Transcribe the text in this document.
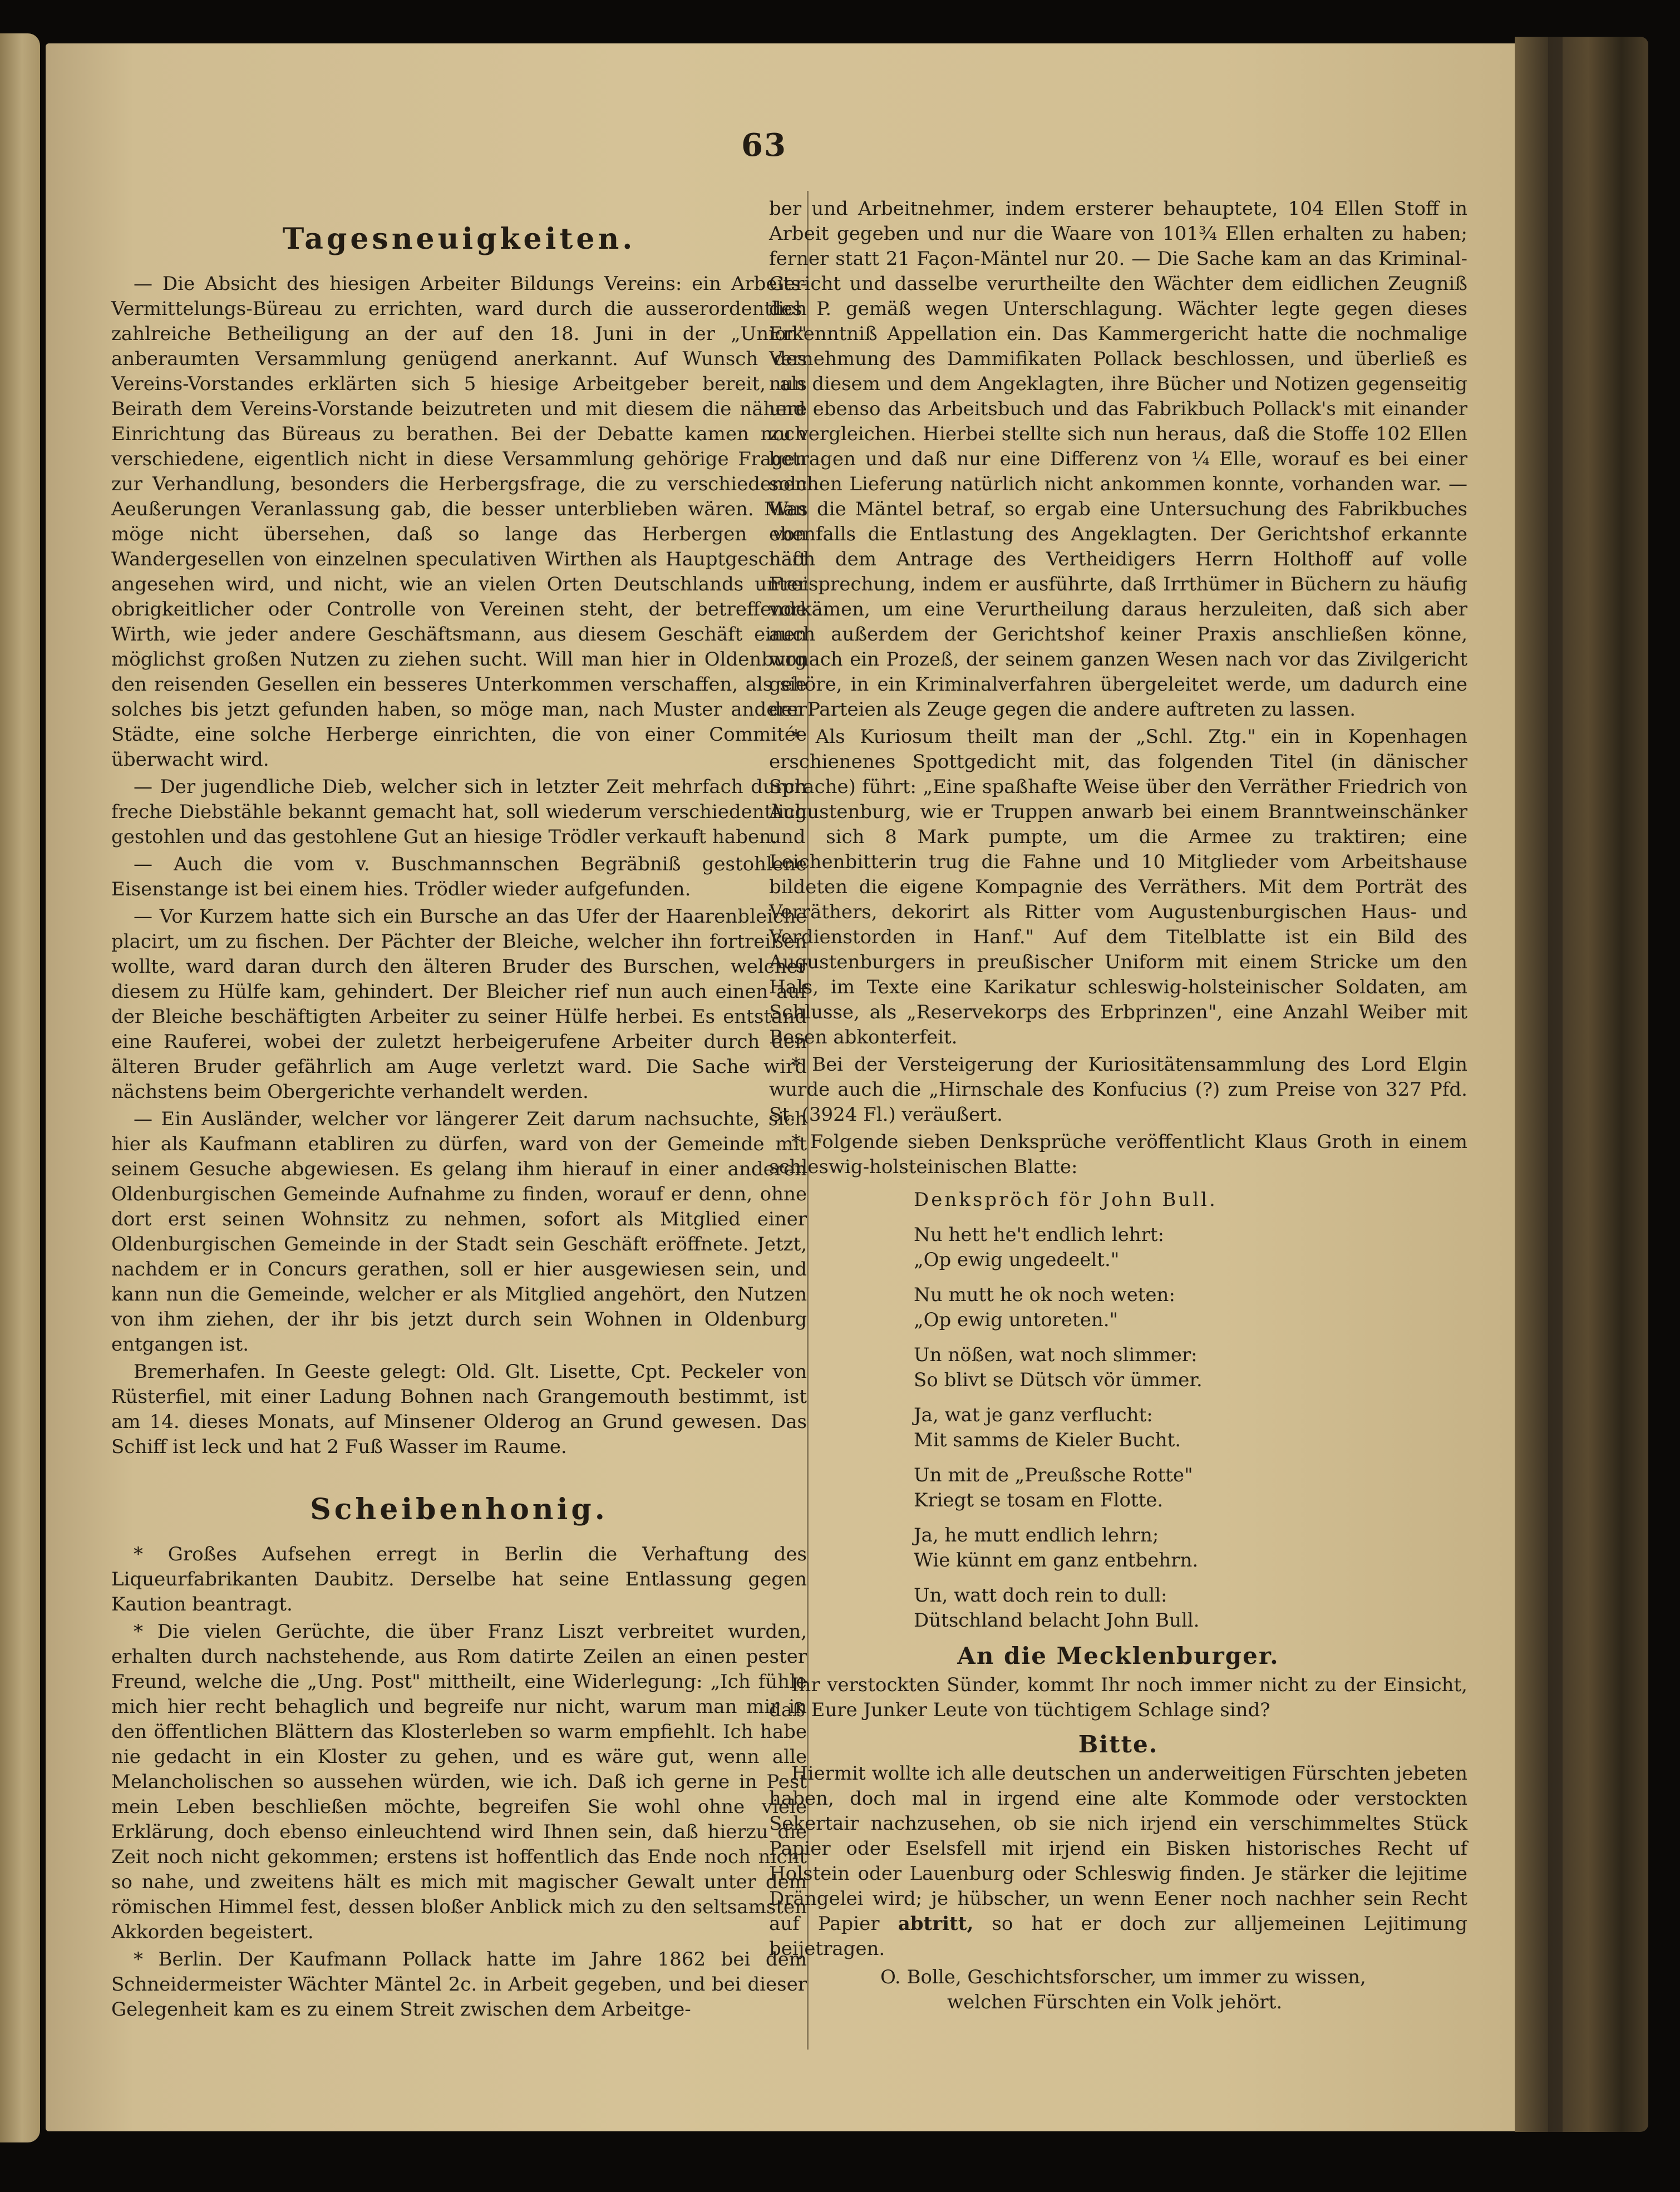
63
Tagesneuigkeiten.

— Die Absicht des hiesigen Arbeiter Bildungs Vereins: ein Arbeits-Vermittelungs-Büreau zu errichten, ward durch die ausserordentlich zahlreiche Betheiligung an der auf den 18. Juni in der „Union" anberaumten Versammlung genügend anerkannt. Auf Wunsch des Vereins-Vorstandes erklärten sich 5 hiesige Arbeitgeber bereit, als Beirath dem Vereins-Vorstande beizutreten und mit diesem die nähere Einrichtung das Büreaus zu berathen. Bei der Debatte kamen noch verschiedene, eigentlich nicht in diese Versammlung gehörige Fragen zur Verhandlung, besonders die Herbergsfrage, die zu verschiedenen Aeußerungen Veranlassung gab, die besser unterblieben wären. Man möge nicht übersehen, daß so lange das Herbergen von Wandergesellen von einzelnen speculativen Wirthen als Hauptgeschäft angesehen wird, und nicht, wie an vielen Orten Deutschlands unter obrigkeitlicher oder Controlle von Vereinen steht, der betreffende Wirth, wie jeder andere Geschäftsmann, aus diesem Geschäft einen möglichst großen Nutzen zu ziehen sucht. Will man hier in Oldenburg den reisenden Gesellen ein besseres Unterkommen verschaffen, als sie solches bis jetzt gefunden haben, so möge man, nach Muster anderer Städte, eine solche Herberge einrichten, die von einer Commitée überwacht wird.

— Der jugendliche Dieb, welcher sich in letzter Zeit mehrfach durch freche Diebstähle bekannt gemacht hat, soll wiederum verschiedentlich gestohlen und das gestohlene Gut an hiesige Trödler verkauft haben.

— Auch die vom v. Buschmannschen Begräbniß gestohlene Eisenstange ist bei einem hies. Trödler wieder aufgefunden.

— Vor Kurzem hatte sich ein Bursche an das Ufer der Haarenbleiche placirt, um zu fischen. Der Pächter der Bleiche, welcher ihn fortreißen wollte, ward daran durch den älteren Bruder des Burschen, welcher diesem zu Hülfe kam, gehindert. Der Bleicher rief nun auch einen auf der Bleiche beschäftigten Arbeiter zu seiner Hülfe herbei. Es entstand eine Rauferei, wobei der zuletzt herbeigerufene Arbeiter durch den älteren Bruder gefährlich am Auge verletzt ward. Die Sache wird nächstens beim Obergerichte verhandelt werden.

— Ein Ausländer, welcher vor längerer Zeit darum nachsuchte, sich hier als Kaufmann etabliren zu dürfen, ward von der Gemeinde mit seinem Gesuche abgewiesen. Es gelang ihm hierauf in einer anderen Oldenburgischen Gemeinde Aufnahme zu finden, worauf er denn, ohne dort erst seinen Wohnsitz zu nehmen, sofort als Mitglied einer Oldenburgischen Gemeinde in der Stadt sein Geschäft eröffnete. Jetzt, nachdem er in Concurs gerathen, soll er hier ausgewiesen sein, und kann nun die Gemeinde, welcher er als Mitglied angehört, den Nutzen von ihm ziehen, der ihr bis jetzt durch sein Wohnen in Oldenburg entgangen ist.

Bremerhafen. In Geeste gelegt: Old. Glt. Lisette, Cpt. Peckeler von Rüsterfiel, mit einer Ladung Bohnen nach Grangemouth bestimmt, ist am 14. dieses Monats, auf Minsener Olderog an Grund gewesen. Das Schiff ist leck und hat 2 Fuß Wasser im Raume.

Scheibenhonig.

* Großes Aufsehen erregt in Berlin die Verhaftung des Liqueurfabrikanten Daubitz. Derselbe hat seine Entlassung gegen Kaution beantragt.

* Die vielen Gerüchte, die über Franz Liszt verbreitet wurden, erhalten durch nachstehende, aus Rom datirte Zeilen an einen pester Freund, welche die „Ung. Post" mittheilt, eine Widerlegung: „Ich fühle mich hier recht behaglich und begreife nur nicht, warum man mir in den öffentlichen Blättern das Klosterleben so warm empfiehlt. Ich habe nie gedacht in ein Kloster zu gehen, und es wäre gut, wenn alle Melancholischen so aussehen würden, wie ich. Daß ich gerne in Pest mein Leben beschließen möchte, begreifen Sie wohl ohne viele Erklärung, doch ebenso einleuchtend wird Ihnen sein, daß hierzu die Zeit noch nicht gekommen; erstens ist hoffentlich das Ende noch nicht so nahe, und zweitens hält es mich mit magischer Gewalt unter dem römischen Himmel fest, dessen bloßer Anblick mich zu den seltsamsten Akkorden begeistert.

* Berlin. Der Kaufmann Pollack hatte im Jahre 1862 bei dem Schneidermeister Wächter Mäntel 2c. in Arbeit gegeben, und bei dieser Gelegenheit kam es zu einem Streit zwischen dem Arbeitge-

ber und Arbeitnehmer, indem ersterer behauptete, 104 Ellen Stoff in Arbeit gegeben und nur die Waare von 101¾ Ellen erhalten zu haben; ferner statt 21 Façon-Mäntel nur 20. — Die Sache kam an das Kriminal-Gericht und dasselbe verurtheilte den Wächter dem eidlichen Zeugniß des P. gemäß wegen Unterschlagung. Wächter legte gegen dieses Erkenntniß Appellation ein. Das Kammergericht hatte die nochmalige Vernehmung des Dammifikaten Pollack beschlossen, und überließ es nun diesem und dem Angeklagten, ihre Bücher und Notizen gegenseitig und ebenso das Arbeitsbuch und das Fabrikbuch Pollack's mit einander zu vergleichen. Hierbei stellte sich nun heraus, daß die Stoffe 102 Ellen betragen und daß nur eine Differenz von ¼ Elle, worauf es bei einer solchen Lieferung natürlich nicht ankommen konnte, vorhanden war. — Was die Mäntel betraf, so ergab eine Untersuchung des Fabrikbuches ebenfalls die Entlastung des Angeklagten. Der Gerichtshof erkannte nach dem Antrage des Vertheidigers Herrn Holthoff auf volle Freisprechung, indem er ausführte, daß Irrthümer in Büchern zu häufig vorkämen, um eine Verurtheilung daraus herzuleiten, daß sich aber auch außerdem der Gerichtshof keiner Praxis anschließen könne, wonach ein Prozeß, der seinem ganzen Wesen nach vor das Zivilgericht gehöre, in ein Kriminalverfahren übergeleitet werde, um dadurch eine der Parteien als Zeuge gegen die andere auftreten zu lassen.

* Als Kuriosum theilt man der „Schl. Ztg." ein in Kopenhagen erschienenes Spottgedicht mit, das folgenden Titel (in dänischer Sprache) führt: „Eine spaßhafte Weise über den Verräther Friedrich von Augustenburg, wie er Truppen anwarb bei einem Branntweinschänker und sich 8 Mark pumpte, um die Armee zu traktiren; eine Leichenbitterin trug die Fahne und 10 Mitglieder vom Arbeitshause bildeten die eigene Kompagnie des Verräthers. Mit dem Porträt des Verräthers, dekorirt als Ritter vom Augustenburgischen Haus- und Verdienstorden in Hanf." Auf dem Titelblatte ist ein Bild des Augustenburgers in preußischer Uniform mit einem Stricke um den Hals, im Texte eine Karikatur schleswig-holsteinischer Soldaten, am Schlusse, als „Reservekorps des Erbprinzen", eine Anzahl Weiber mit Besen abkonterfeit.

* Bei der Versteigerung der Kuriositätensammlung des Lord Elgin wurde auch die „Hirnschale des Konfucius (?) zum Preise von 327 Pfd. St. (3924 Fl.) veräußert.

* Folgende sieben Denksprüche veröffentlicht Klaus Groth in einem schleswig-holsteinischen Blatte:

Denkspröch för John Bull.
Nu hett he't endlich lehrt:
„Op ewig ungedeelt."
Nu mutt he ok noch weten:
„Op ewig untoreten."
Un nößen, wat noch slimmer:
So blivt se Dütsch vör ümmer.
Ja, wat je ganz verflucht:
Mit samms de Kieler Bucht.
Un mit de „Preußsche Rotte"
Kriegt se tosam en Flotte.
Ja, he mutt endlich lehrn;
Wie künnt em ganz entbehrn.
Un, watt doch rein to dull:
Dütschland belacht John Bull.
An die Mecklenburger.

Ihr verstockten Sünder, kommt Ihr noch immer nicht zu der Einsicht, daß Eure Junker Leute von tüchtigem Schlage sind?

Bitte.

Hiermit wollte ich alle deutschen un anderweitigen Fürschten jebeten haben, doch mal in irgend eine alte Kommode oder verstockten Sekertair nachzusehen, ob sie nich irjend ein verschimmeltes Stück Papier oder Eselsfell mit irjend ein Bisken historisches Recht uf Holstein oder Lauenburg oder Schleswig finden. Je stärker die lejitime Drängelei wird; je hübscher, un wenn Eener noch nachher sein Recht auf Papier abtritt, so hat er doch zur alljemeinen Lejitimung beijetragen.

O. Bolle, Geschichtsforscher, um immer zu wissen,
welchen Fürschten ein Volk jehört.
